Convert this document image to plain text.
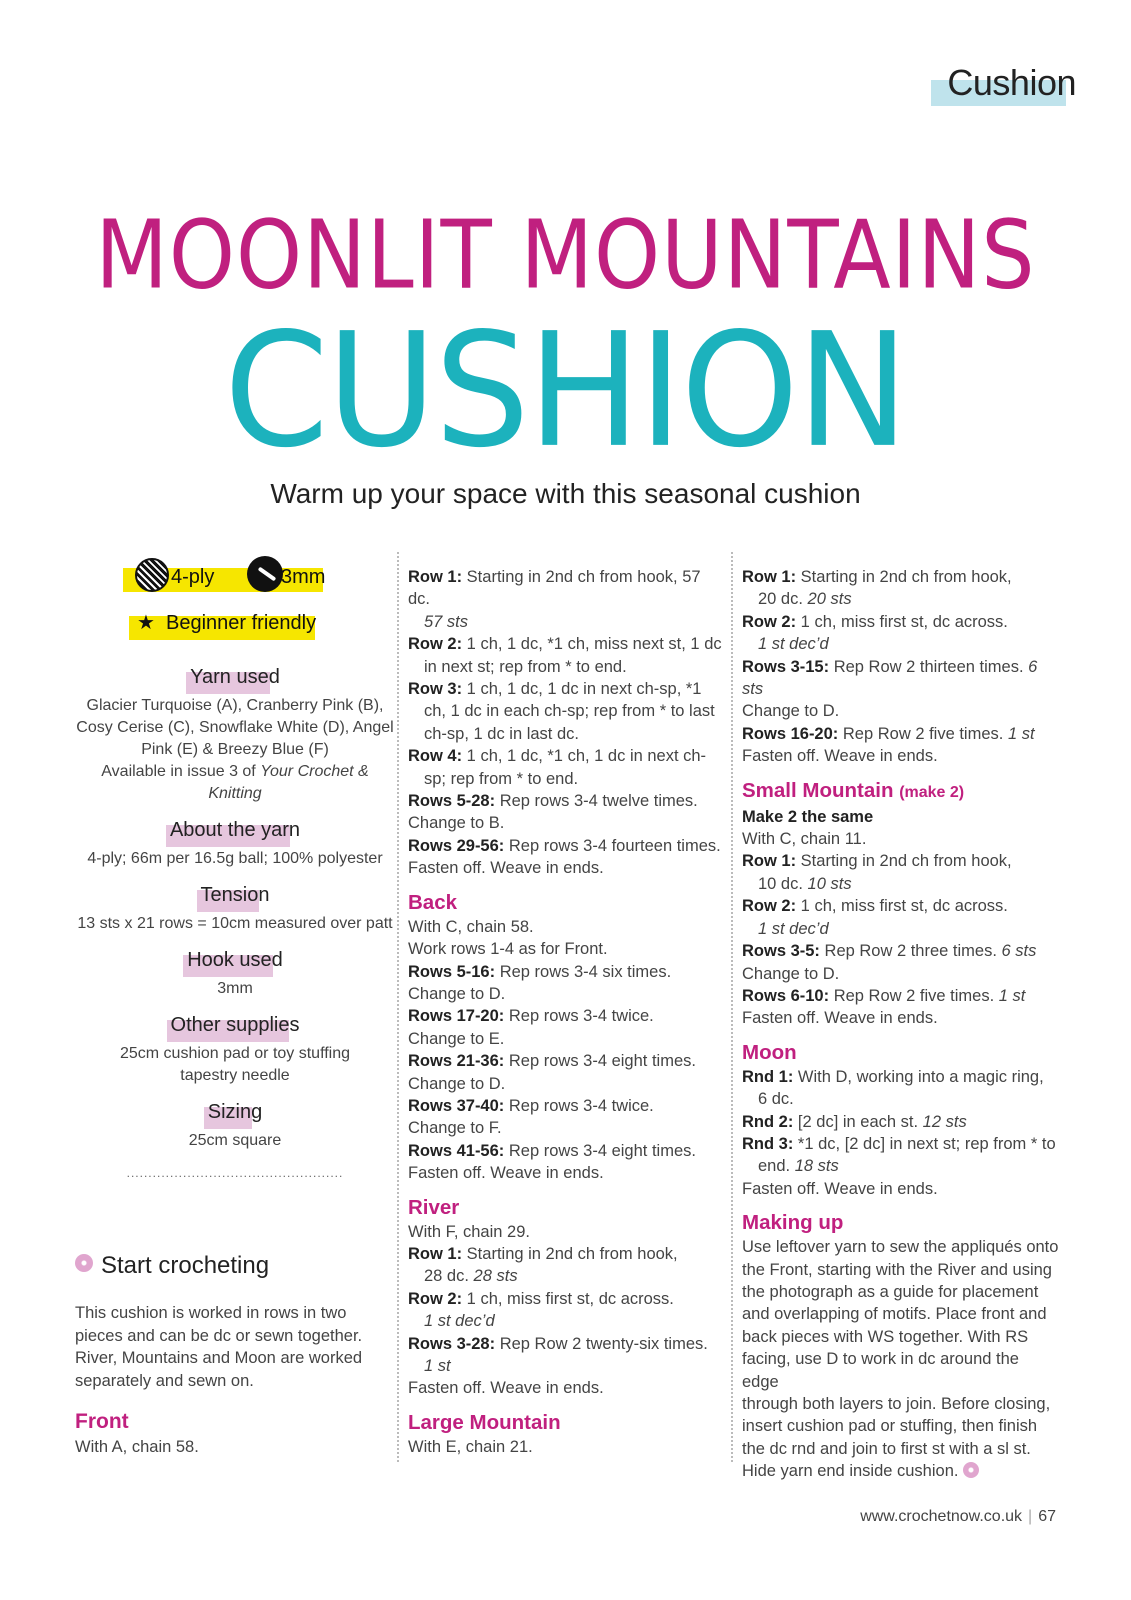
Cushion
MOONLIT MOUNTAINS
CUSHION
Warm up your space with this seasonal cushion
4-ply	3mm
★ Beginner friendly
Yarn used
Glacier Turquoise (A), Cranberry Pink (B),
Cosy Cerise (C), Snowflake White (D), Angel
Pink (E) & Breezy Blue (F)
Available in issue 3 of Your Crochet & Knitting
About the yarn
4-ply; 66m per 16.5g ball; 100% polyester
Tension
13 sts x 21 rows = 10cm measured over patt
Hook used
3mm
Other supplies
25cm cushion pad or toy stuffing
tapestry needle
Sizing
25cm square
..................................................
Start crocheting
This cushion is worked in rows in two pieces and can be dc or sewn together. River, Mountains and Moon are worked separately and sewn on.
Front
With A, chain 58.

Row 1: Starting in 2nd ch from hook, 57 dc.

57 sts

Row 2: 1 ch, 1 dc, *1 ch, miss next st, 1 dc

in next st; rep from * to end.

Row 3: 1 ch, 1 dc, 1 dc in next ch-sp, *1

ch, 1 dc in each ch-sp; rep from * to last

ch-sp, 1 dc in last dc.

Row 4: 1 ch, 1 dc, *1 ch, 1 dc in next ch-

sp; rep from * to end.

Rows 5-28: Rep rows 3-4 twelve times.

Change to B.

Rows 29-56: Rep rows 3-4 fourteen times.

Fasten off. Weave in ends.

Back

With C, chain 58.

Work rows 1-4 as for Front.

Rows 5-16: Rep rows 3-4 six times.

Change to D.

Rows 17-20: Rep rows 3-4 twice.

Change to E.

Rows 21-36: Rep rows 3-4 eight times.

Change to D.

Rows 37-40: Rep rows 3-4 twice.

Change to F.

Rows 41-56: Rep rows 3-4 eight times.

Fasten off. Weave in ends.

River

With F, chain 29.

Row 1: Starting in 2nd ch from hook,

28 dc. 28 sts

Row 2: 1 ch, miss first st, dc across.

1 st dec’d

Rows 3-28: Rep Row 2 twenty-six times.

1 st

Fasten off. Weave in ends.

Large Mountain

With E, chain 21.

Row 1: Starting in 2nd ch from hook,

20 dc. 20 sts

Row 2: 1 ch, miss first st, dc across.

1 st dec’d

Rows 3-15: Rep Row 2 thirteen times. 6 sts

Change to D.

Rows 16-20: Rep Row 2 five times. 1 st

Fasten off. Weave in ends.

Small Mountain (make 2)

Make 2 the same

With C, chain 11.

Row 1: Starting in 2nd ch from hook,

10 dc. 10 sts

Row 2: 1 ch, miss first st, dc across.

1 st dec’d

Rows 3-5: Rep Row 2 three times. 6 sts

Change to D.

Rows 6-10: Rep Row 2 five times. 1 st

Fasten off. Weave in ends.

Moon

Rnd 1: With D, working into a magic ring,

6 dc.

Rnd 2: [2 dc] in each st. 12 sts

Rnd 3: *1 dc, [2 dc] in next st; rep from * to

end. 18 sts

Fasten off. Weave in ends.

Making up

Use leftover yarn to sew the appliqués onto

the Front, starting with the River and using

the photograph as a guide for placement

and overlapping of motifs. Place front and

back pieces with WS together. With RS

facing, use D to work in dc around the edge

through both layers to join. Before closing,

insert cushion pad or stuffing, then finish

the dc rnd and join to first st with a sl st.

Hide yarn end inside cushion.

www.crochetnow.co.uk | 67
